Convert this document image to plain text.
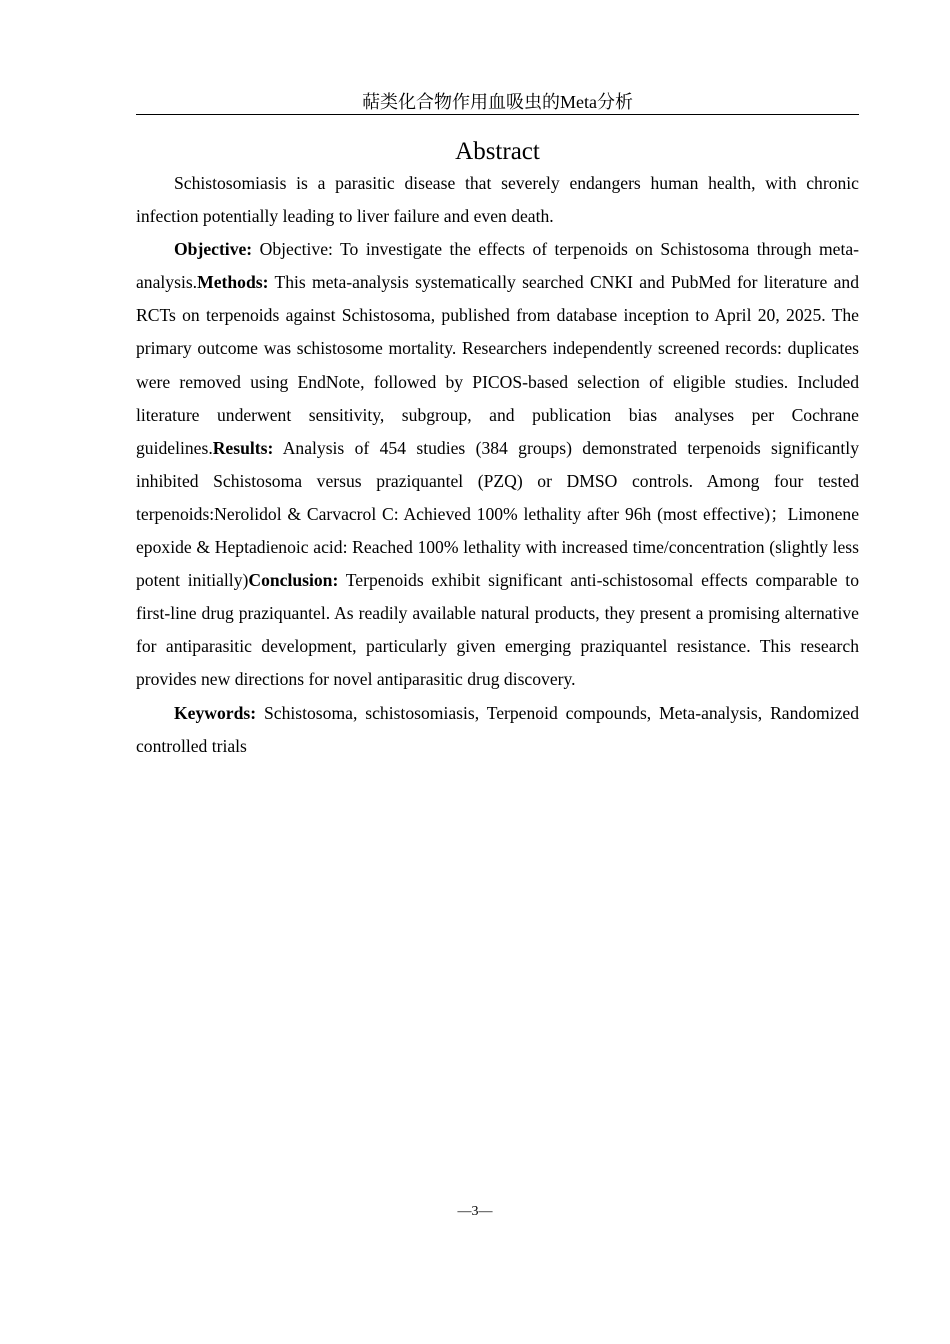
萜类化合物作用血吸虫的Meta分析
Abstract

Schistosomiasis is a parasitic disease that severely endangers human health, with chronic infection potentially leading to liver failure and even death.

Objective: Objective: To investigate the effects of terpenoids on Schistosoma through meta-analysis.Methods: This meta-analysis systematically searched CNKI and PubMed for literature and RCTs on terpenoids against Schistosoma, published from database inception to April 20, 2025. The primary outcome was schistosome mortality. Researchers independently screened records: duplicates were removed using EndNote, followed by PICOS-based selection of eligible studies. Included literature underwent sensitivity, subgroup, and publication bias analyses per Cochrane guidelines.Results: Analysis of 454 studies (384 groups) demonstrated terpenoids significantly inhibited Schistosoma versus praziquantel (PZQ) or DMSO controls. Among four tested terpenoids:Nerolidol & Carvacrol C: Achieved 100% lethality after 96h (most effective)；Limonene epoxide & Heptadienoic acid: Reached 100% lethality with increased time/concentration (slightly less potent initially)Conclusion: Terpenoids exhibit significant anti-schistosomal effects comparable to first-line drug praziquantel. As readily available natural products, they present a promising alternative for antiparasitic development, particularly given emerging praziquantel resistance. This research provides new directions for novel antiparasitic drug discovery.

Keywords: Schistosoma, schistosomiasis, Terpenoid compounds, Meta-analysis, Randomized controlled trials

—3—
